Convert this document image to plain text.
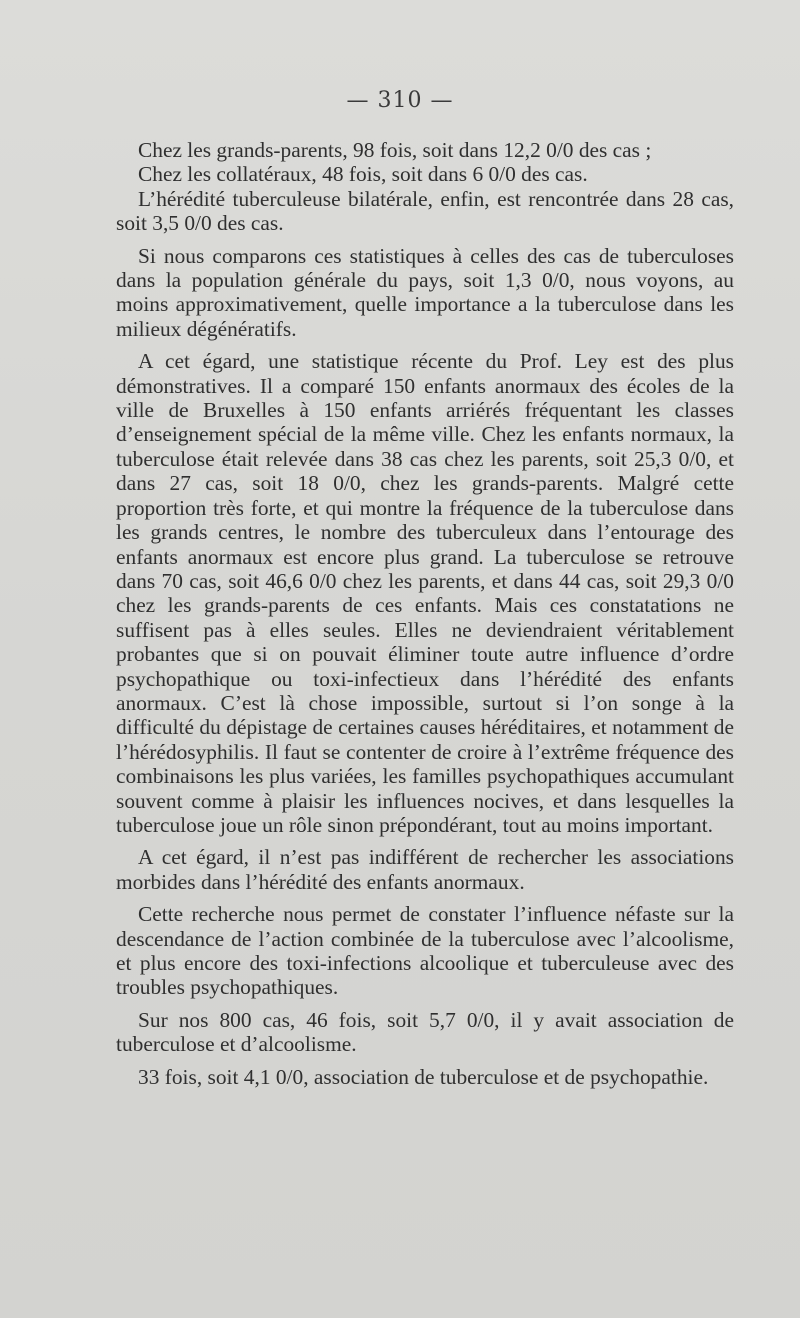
— 310 —

Chez les grands-parents, 98 fois, soit dans 12,2 0/0 des cas ;

Chez les collatéraux, 48 fois, soit dans 6 0/0 des cas.

L’hérédité tuberculeuse bilatérale, enfin, est rencontrée dans 28 cas, soit 3,5 0/0 des cas.

Si nous comparons ces statistiques à celles des cas de tuberculoses dans la population générale du pays, soit 1,3 0/0, nous voyons, au moins approximativement, quelle importance a la tuberculose dans les milieux dégénératifs.

A cet égard, une statistique récente du Prof. Ley est des plus démonstratives. Il a comparé 150 enfants anormaux des écoles de la ville de Bruxelles à 150 enfants arriérés fréquentant les classes d’enseignement spécial de la même ville. Chez les enfants normaux, la tuberculose était relevée dans 38 cas chez les parents, soit 25,3 0/0, et dans 27 cas, soit 18 0/0, chez les grands-parents. Malgré cette proportion très forte, et qui montre la fréquence de la tuberculose dans les grands centres, le nombre des tuberculeux dans l’entourage des enfants anormaux est encore plus grand. La tuberculose se retrouve dans 70 cas, soit 46,6 0/0 chez les parents, et dans 44 cas, soit 29,3 0/0 chez les grands-parents de ces enfants. Mais ces constatations ne suffisent pas à elles seules. Elles ne deviendraient véritablement probantes que si on pouvait éliminer toute autre influence d’ordre psychopathique ou toxi-infectieux dans l’hérédité des enfants anormaux. C’est là chose impossible, surtout si l’on songe à la difficulté du dépistage de certaines causes héréditaires, et notamment de l’hérédosyphilis. Il faut se contenter de croire à l’extrême fréquence des combinaisons les plus variées, les familles psychopathiques accumulant souvent comme à plaisir les influences nocives, et dans lesquelles la tuberculose joue un rôle sinon prépondérant, tout au moins important.

A cet égard, il n’est pas indifférent de rechercher les associations morbides dans l’hérédité des enfants anormaux.

Cette recherche nous permet de constater l’influence néfaste sur la descendance de l’action combinée de la tuberculose avec l’alcoolisme, et plus encore des toxi-infections alcoolique et tuberculeuse avec des troubles psychopathiques.

Sur nos 800 cas, 46 fois, soit 5,7 0/0, il y avait association de tuberculose et d’alcoolisme.

33 fois, soit 4,1 0/0, association de tuberculose et de psychopathie.
